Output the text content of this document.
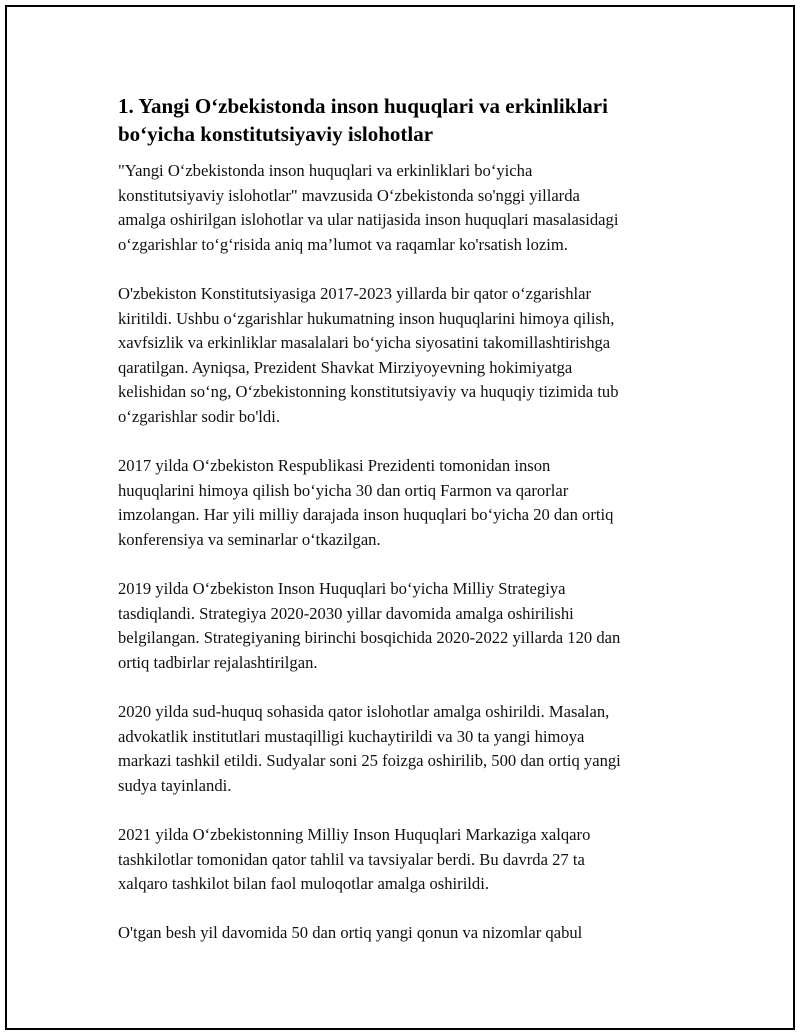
1. Yangi O‘zbekistonda inson huquqlari va erkinliklari
bo‘yicha konstitutsiyaviy islohotlar

"Yangi O‘zbekistonda inson huquqlari va erkinliklari bo‘yicha
konstitutsiyaviy islohotlar" mavzusida O‘zbekistonda so'nggi yillarda
amalga oshirilgan islohotlar va ular natijasida inson huquqlari masalasidagi
o‘zgarishlar to‘g‘risida aniq ma’lumot va raqamlar ko'rsatish lozim.

O'zbekiston Konstitutsiyasiga 2017-2023 yillarda bir qator o‘zgarishlar
kiritildi. Ushbu o‘zgarishlar hukumatning inson huquqlarini himoya qilish,
xavfsizlik va erkinliklar masalalari bo‘yicha siyosatini takomillashtirishga
qaratilgan. Ayniqsa, Prezident Shavkat Mirziyoyevning hokimiyatga
kelishidan so‘ng, O‘zbekistonning konstitutsiyaviy va huquqiy tizimida tub
o‘zgarishlar sodir bo'ldi.

2017 yilda O‘zbekiston Respublikasi Prezidenti tomonidan inson
huquqlarini himoya qilish bo‘yicha 30 dan ortiq Farmon va qarorlar
imzolangan. Har yili milliy darajada inson huquqlari bo‘yicha 20 dan ortiq
konferensiya va seminarlar o‘tkazilgan.

2019 yilda O‘zbekiston Inson Huquqlari bo‘yicha Milliy Strategiya
tasdiqlandi. Strategiya 2020-2030 yillar davomida amalga oshirilishi
belgilangan. Strategiyaning birinchi bosqichida 2020-2022 yillarda 120 dan
ortiq tadbirlar rejalashtirilgan.

2020 yilda sud-huquq sohasida qator islohotlar amalga oshirildi. Masalan,
advokatlik institutlari mustaqilligi kuchaytirildi va 30 ta yangi himoya
markazi tashkil etildi. Sudyalar soni 25 foizga oshirilib, 500 dan ortiq yangi
sudya tayinlandi.

2021 yilda O‘zbekistonning Milliy Inson Huquqlari Markaziga xalqaro
tashkilotlar tomonidan qator tahlil va tavsiyalar berdi. Bu davrda 27 ta
xalqaro tashkilot bilan faol muloqotlar amalga oshirildi.

O'tgan besh yil davomida 50 dan ortiq yangi qonun va nizomlar qabul
